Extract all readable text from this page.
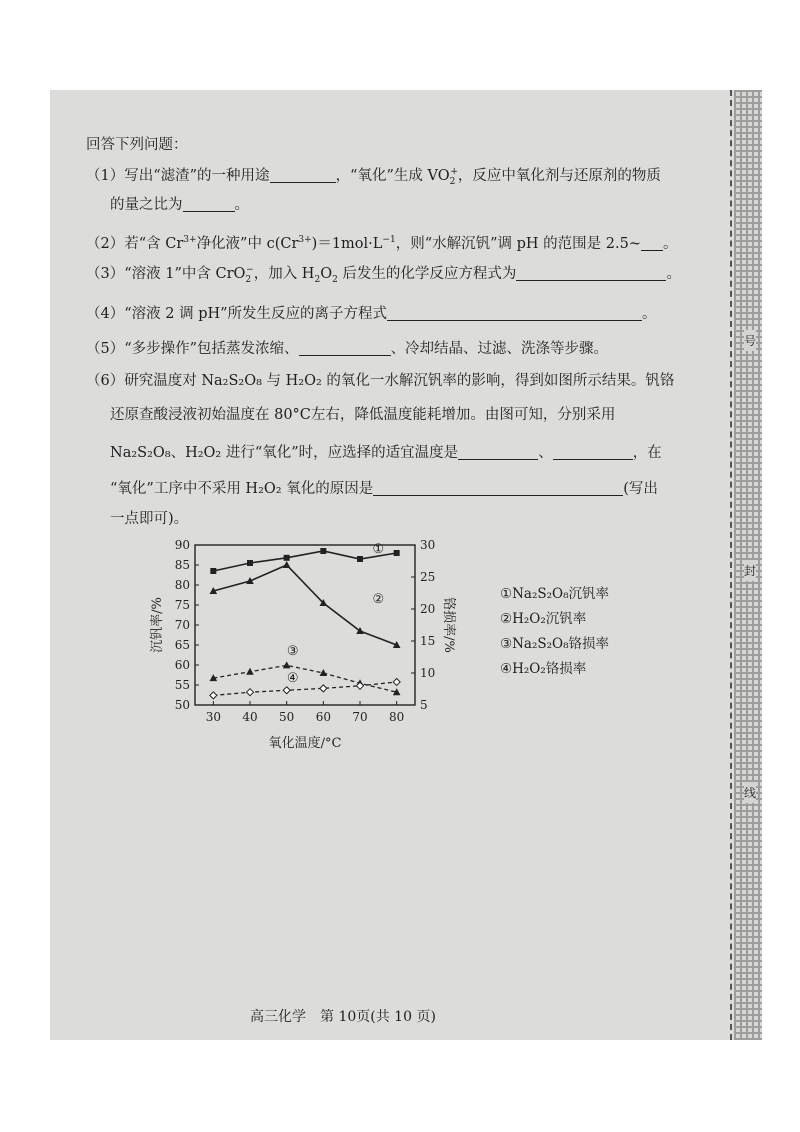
号
封
线
回答下列问题：
（1）写出“滤渣”的一种用途	，“氧化”生成 $VO_2^+$，反应中氧化剂与还原剂的物质
的量之比为	。
（2）若“含 $Cr^{3+}$净化液”中 $c(Cr^{3+})=1mol\cdot L^{-1}$，则“水解沉钒”调 pH 的范围是 2.5~ 。
（3）“溶液 1”中含 CrO$_2$−，加入 $H_2O_2$ 后发生的化学反应方程式为	。
（4）“溶液 2 调 pH”所发生反应的离子方程式	。
（5）“多步操作”包括蒸发浓缩、	、冷却结晶、过滤、洗涤等步骤。
（6）研究温度对 Na₂S₂O₈ 与 H₂O₂ 的氧化一水解沉钒率的影响，得到如图所示结果。钒铬
还原查酸浸液初始温度在 80°C左右，降低温度能耗增加。由图可知，分别采用
Na₂S₂O₈、H₂O₂ 进行“氧化”时，应选择的适宜温度是	、	，在
“氧化”工序中不采用 H₂O₂ 氧化的原因是	(写出
一点即可)。
50
55
60
65
70
75
80
85
90
5
10
15
20
25
30
30 40 50 60 70 80
氧化温度/°C
沉钒率/%	铬损率/%
①
②
③
④
①Na₂S₂O₈沉钒率
②H₂O₂沉钒率
③Na₂S₂O₈铬损率
④H₂O₂铬损率
高三化学　第 10页(共 10 页)
